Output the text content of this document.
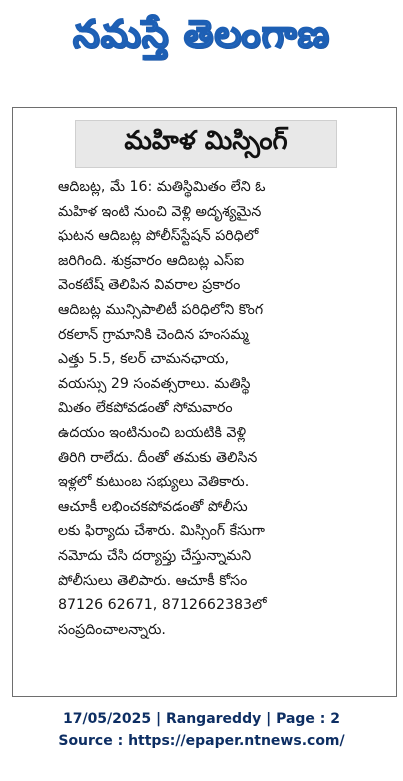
నమస్తే తెలంగాణ
మహిళ మిస్సింగ్
ఆదిబట్ల, మే 16: మతిస్థిమితం లేని ఓ
మహిళ ఇంటి నుంచి వెళ్లి అదృశ్యమైన
ఘటన ఆదిబట్ల పోలీస్‌స్టేషన్ పరిధిలో
జరిగింది. శుక్రవారం ఆదిబట్ల ఎస్ఐ
వెంకటేష్ తెలిపిన వివరాల ప్రకారం
ఆదిబట్ల మున్సిపాలిటీ పరిధిలోని కొంగ
రకలాన్ గ్రామానికి చెందిన హంసమ్మ
ఎత్తు 5.5, కలర్ చామనఛాయ,
వయస్సు 29 సంవత్సరాలు. మతిస్థి
మితం లేకపోవడంతో సోమవారం
ఉదయం ఇంటినుంచి బయటికి వెళ్లి
తిరిగి రాలేదు. దీంతో తమకు తెలిసిన
ఇళ్లలో కుటుంబ సభ్యులు వెతికారు.
ఆచూకీ లభించకపోవడంతో పోలీసు
లకు ఫిర్యాదు చేశారు. మిస్సింగ్ కేసుగా
నమోదు చేసి దర్యాప్తు చేస్తున్నామని
పోలీసులు తెలిపారు. ఆచూకీ కోసం
87126 62671, 8712662383లో
సంప్రదించాలన్నారు.
17/05/2025 | Rangareddy | Page : 2
Source : https://epaper.ntnews.com/
